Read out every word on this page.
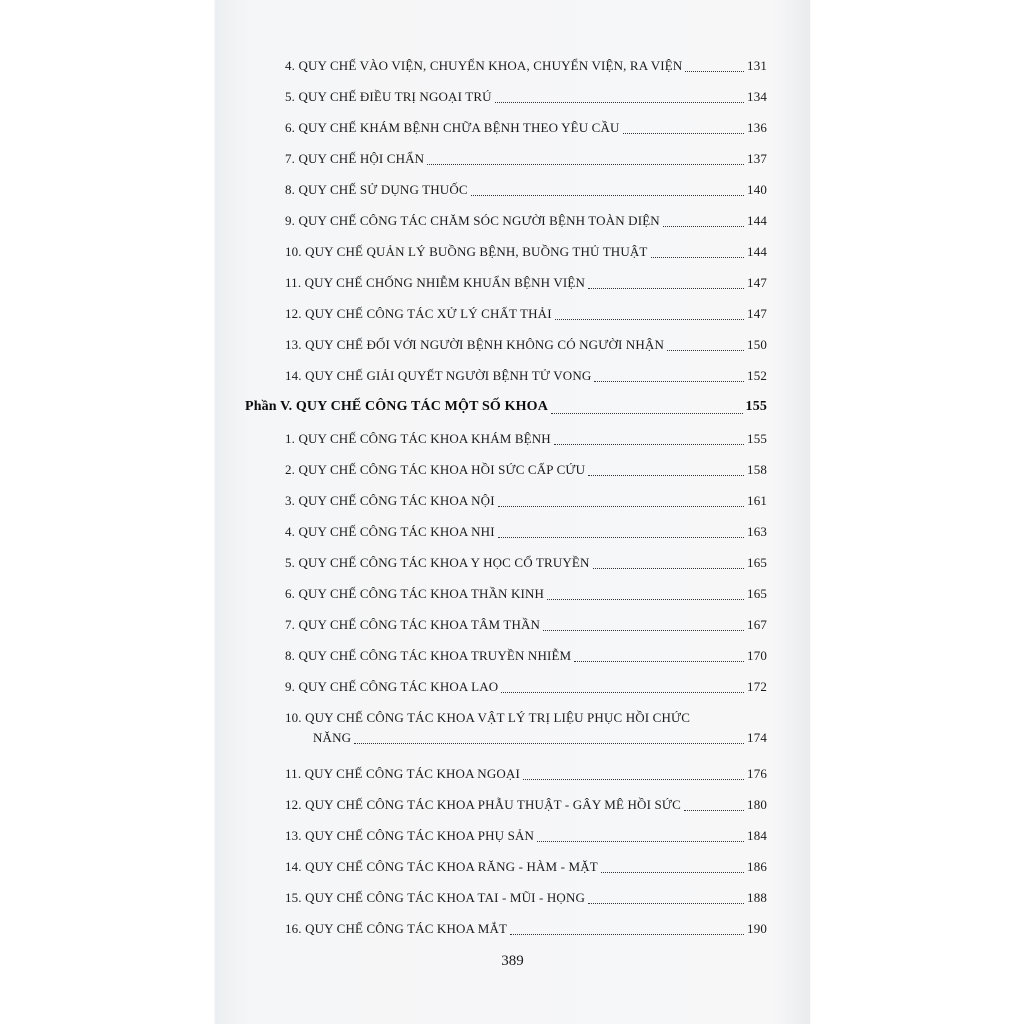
4. QUY CHẾ VÀO VIỆN, CHUYỂN KHOA, CHUYỂN VIỆN, RA VIỆN	131
5. QUY CHẾ ĐIỀU TRỊ NGOẠI TRÚ	134
6. QUY CHẾ KHÁM BỆNH CHỮA BỆNH THEO YÊU CẦU	136
7. QUY CHẾ HỘI CHẨN	137
8. QUY CHẾ SỬ DỤNG THUỐC	140
9. QUY CHẾ CÔNG TÁC CHĂM SÓC NGƯỜI BỆNH TOÀN DIỆN	144
10. QUY CHẾ QUẢN LÝ BUỒNG BỆNH, BUỒNG THỦ THUẬT	144
11. QUY CHẾ CHỐNG NHIỄM KHUẨN BỆNH VIỆN	147
12. QUY CHẾ CÔNG TÁC XỬ LÝ CHẤT THẢI	147
13. QUY CHẾ ĐỐI VỚI NGƯỜI BỆNH KHÔNG CÓ NGƯỜI NHẬN	150
14. QUY CHẾ GIẢI QUYẾT NGƯỜI BỆNH TỬ VONG	152
Phần V. QUY CHẾ CÔNG TÁC MỘT SỐ KHOA	155
1. QUY CHẾ CÔNG TÁC KHOA KHÁM BỆNH	155
2. QUY CHẾ CÔNG TÁC KHOA HỒI SỨC CẤP CỨU	158
3. QUY CHẾ CÔNG TÁC KHOA NỘI	161
4. QUY CHẾ CÔNG TÁC KHOA NHI	163
5. QUY CHẾ CÔNG TÁC KHOA Y HỌC CỔ TRUYỀN	165
6. QUY CHẾ CÔNG TÁC KHOA THẦN KINH	165
7. QUY CHẾ CÔNG TÁC KHOA TÂM THẦN	167
8. QUY CHẾ CÔNG TÁC KHOA TRUYỀN NHIỄM	170
9. QUY CHẾ CÔNG TÁC KHOA LAO	172
10. QUY CHẾ CÔNG TÁC KHOA VẬT LÝ TRỊ LIỆU PHỤC HỒI CHỨC
NĂNG	174
11. QUY CHẾ CÔNG TÁC KHOA NGOẠI	176
12. QUY CHẾ CÔNG TÁC KHOA PHẪU THUẬT - GÂY MÊ HỒI SỨC	180
13. QUY CHẾ CÔNG TÁC KHOA PHỤ SẢN	184
14. QUY CHẾ CÔNG TÁC KHOA RĂNG - HÀM - MẶT	186
15. QUY CHẾ CÔNG TÁC KHOA TAI - MŨI - HỌNG	188
16. QUY CHẾ CÔNG TÁC KHOA MẮT	190
389
